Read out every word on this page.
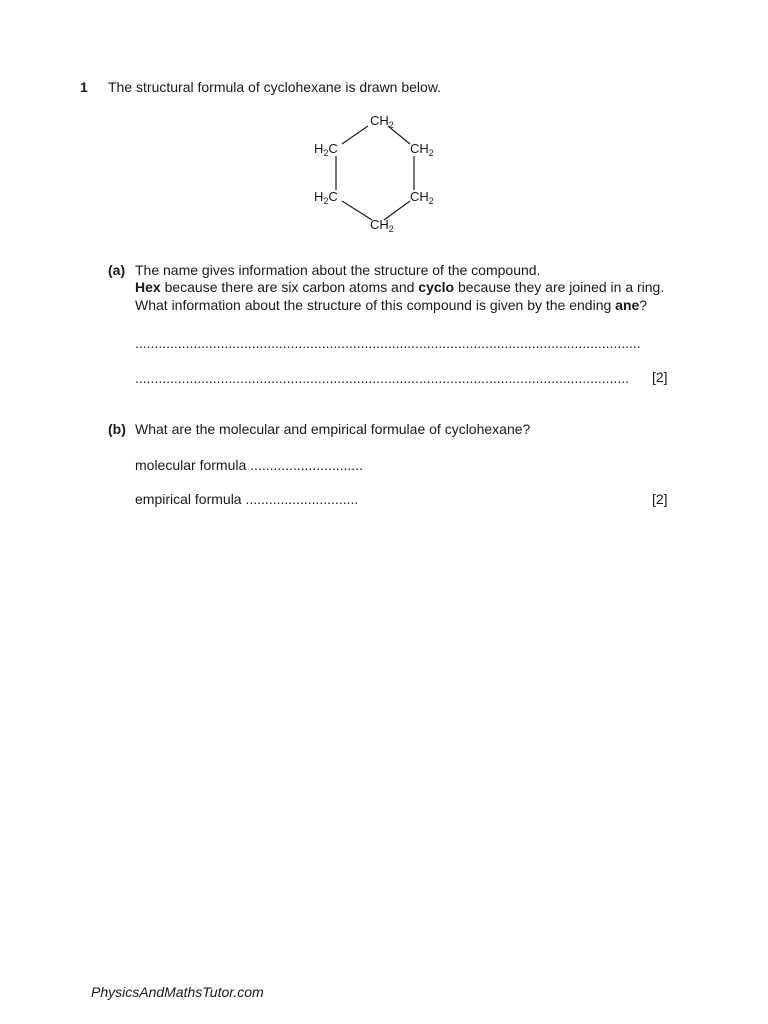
1 The structural formula of cyclohexane is drawn below.
$CH_2$
$H_2C$	$CH_2$
$H_2C$	$CH_2$
$CH_2$
(a) The name gives information about the structure of the compound.
Hex because there are six carbon atoms and cyclo because they are joined in a ring.
What information about the structure of this compound is given by the ending ane?
..................................................................................................................................
...............................................................................................................................	[2]
(b) What are the molecular and empirical formulae of cyclohexane?
molecular formula .............................
empirical formula .............................	[2]
PhysicsAndMathsTutor.com
